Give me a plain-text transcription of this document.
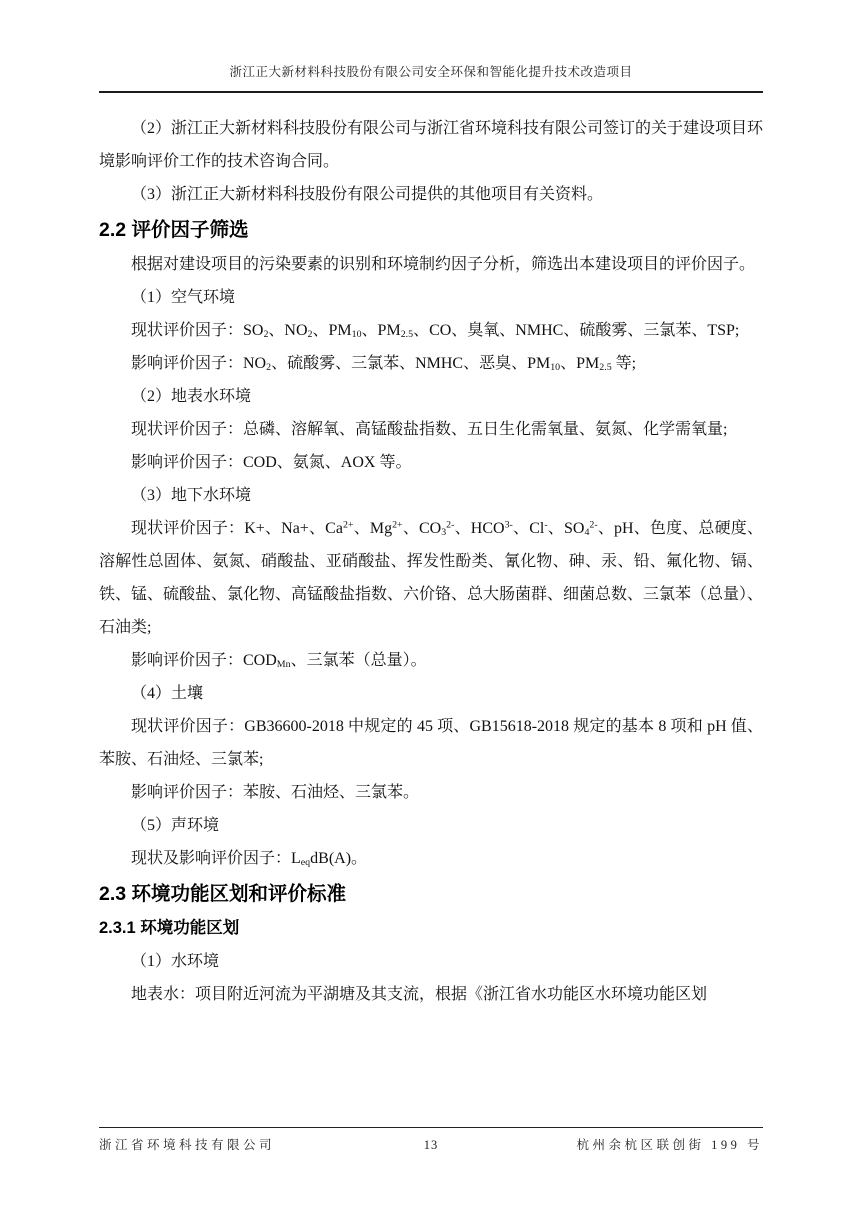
浙江正大新材料科技股份有限公司安全环保和智能化提升技术改造项目

（2）浙江正大新材料科技股份有限公司与浙江省环境科技有限公司签订的关于建设项目环境影响评价工作的技术咨询合同。

（3）浙江正大新材料科技股份有限公司提供的其他项目有关资料。

2.2 评价因子筛选

根据对建设项目的污染要素的识别和环境制约因子分析，筛选出本建设项目的评价因子。

（1）空气环境

现状评价因子：$SO_2$、$NO_2$、$PM_{10}$、$PM_{2.5}$、CO、臭氧、NMHC、硫酸雾、三氯苯、TSP;

影响评价因子：$NO_2$、硫酸雾、三氯苯、NMHC、恶臭、$PM_{10}$、$PM_{2.5}$ 等;

（2）地表水环境

现状评价因子：总磷、溶解氧、高锰酸盐指数、五日生化需氧量、氨氮、化学需氧量;

影响评价因子：COD、氨氮、AOX 等。

（3）地下水环境

现状评价因子：K+、Na+、$Ca^{2+}$、$Mg^{2+}$、$CO_3^{2-}$、$HCO^{3-}$、Cl-、$SO_4^{2-}$、pH、色度、总硬度、溶解性总固体、氨氮、硝酸盐、亚硝酸盐、挥发性酚类、氰化物、砷、汞、铅、氟化物、镉、铁、锰、硫酸盐、氯化物、高锰酸盐指数、六价铬、总大肠菌群、细菌总数、三氯苯（总量）、石油类;

影响评价因子：$COD_{Mn}$、三氯苯（总量）。

（4）土壤

现状评价因子：GB36600-2018 中规定的 45 项、GB15618-2018 规定的基本 8 项和 pH 值、苯胺、石油烃、三氯苯;

影响评价因子：苯胺、石油烃、三氯苯。

（5）声环境

现状及影响评价因子：$L_{eq}dB(A)$。

2.3 环境功能区划和评价标准
2.3.1 环境功能区划

（1）水环境

地表水：项目附近河流为平湖塘及其支流，根据《浙江省水功能区水环境功能区划

浙江省环境科技有限公司	13	杭州余杭区联创街 199 号
